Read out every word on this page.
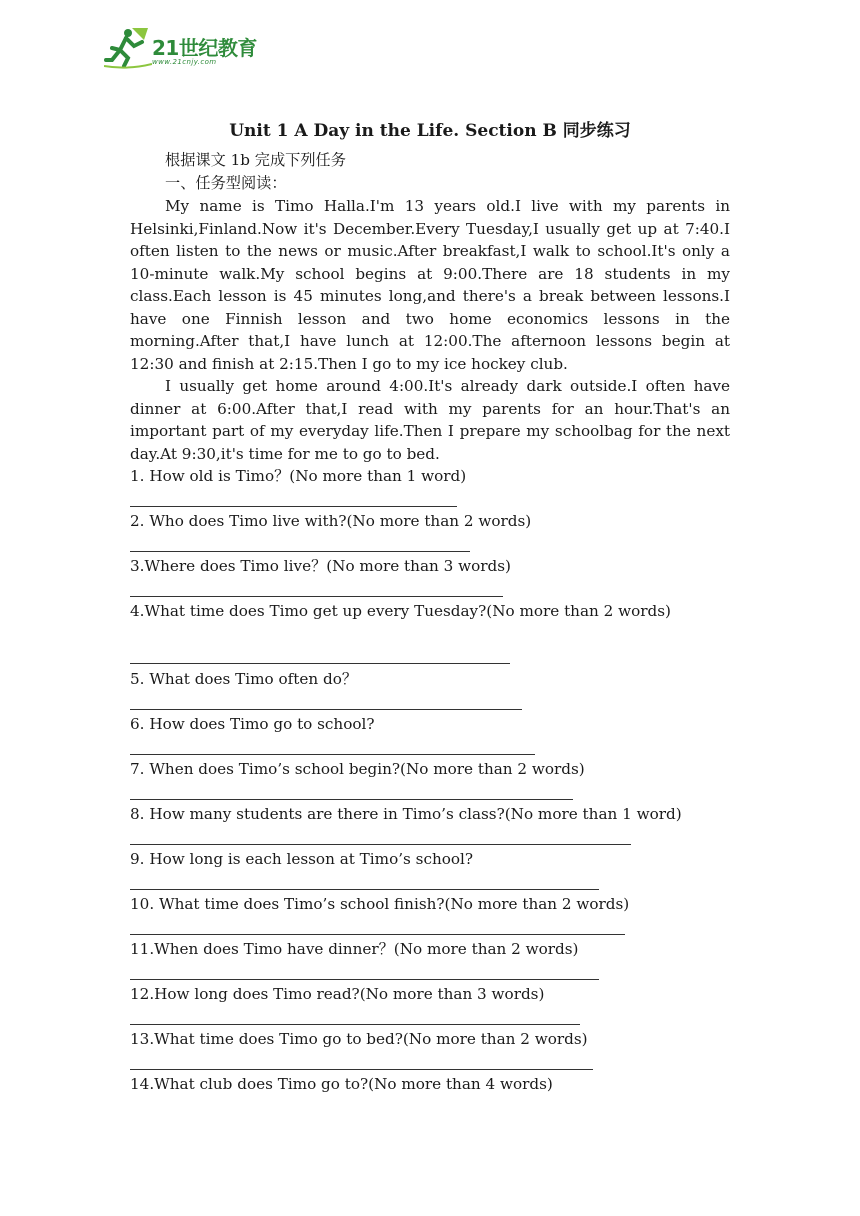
21世纪教育
www.21cnjy.com
Unit 1 A Day in the Life. Section B 同步练习
根据课文 1b 完成下列任务
一、任务型阅读：
My name is Timo Halla.I'm 13 years old.I live with my parents in Helsinki,Finland.Now it's December.Every Tuesday,I usually get up at 7:40.I often listen to the news or music.After breakfast,I walk to school.It's only a 10-minute walk.My school begins at 9:00.There are 18 students in my class.Each lesson is 45 minutes long,and there's a break between lessons.I have one Finnish lesson and two home economics lessons in the morning.After that,I have lunch at 12:00.The afternoon lessons begin at 12:30 and finish at 2:15.Then I go to my ice hockey club.
I usually get home around 4:00.It's already dark outside.I often have dinner at 6:00.After that,I read with my parents for an hour.That's an important part of my everyday life.Then I prepare my schoolbag for the next day.At 9:30,it's time for me to go to bed.
1. How old is Timo？(No more than 1 word)
2. Who does Timo live with?(No more than 2 words)
3.Where does Timo live？(No more than 3 words)
4.What time does Timo get up every Tuesday?(No more than 2 words)
5. What does Timo often do？
6. How does Timo go to school?
7. When does Timo’s school begin?(No more than 2 words)
8. How many students are there in Timo’s class?(No more than 1 word)
9. How long is each lesson at Timo’s school?
10. What time does Timo’s school finish?(No more than 2 words)
11.When does Timo have dinner？(No more than 2 words)
12.How long does Timo read?(No more than 3 words)
13.What time does Timo go to bed?(No more than 2 words)
14.What club does Timo go to?(No more than 4 words)
